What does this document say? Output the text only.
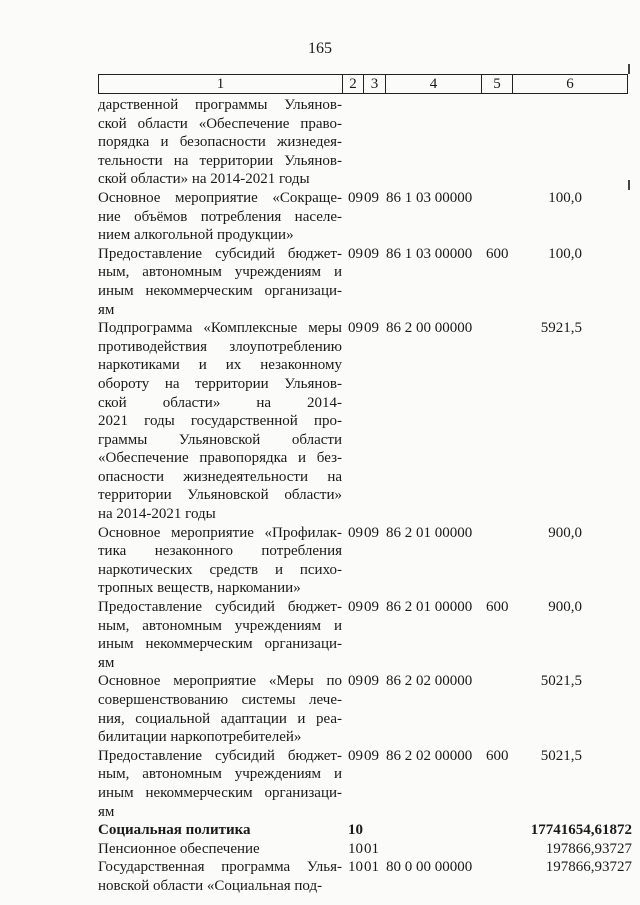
165
1	2 3	4	5	6
дарственной программы Ульянов-
ской области «Обеспечение право-
порядка и безопасности жизнедея-
тельности на территории Ульянов-
ской области» на 2014-2021 годы
Основное мероприятие «Сокраще-
ние объёмов потребления населе-
нием алкогольной продукции»
09 09 86 1 03 00000	100,0
Предоставление субсидий бюджет-
ным, автономным учреждениям и
иным некоммерческим организаци-
ям
09 09 86 1 03 00000 600	100,0
Подпрограмма «Комплексные меры
противодействия злоупотреблению
наркотиками и их незаконному
обороту на территории Ульянов-
ской области» на 2014-
2021 годы государственной про-
граммы Ульяновской области
«Обеспечение правопорядка и без-
опасности жизнедеятельности на
территории Ульяновской области»
на 2014-2021 годы
09 09 86 2 00 00000	5921,5
Основное мероприятие «Профилак-
тика незаконного потребления
наркотических средств и психо-
тропных веществ, наркомании»
09 09 86 2 01 00000	900,0
Предоставление субсидий бюджет-
ным, автономным учреждениям и
иным некоммерческим организаци-
ям
09 09 86 2 01 00000 600	900,0
Основное мероприятие «Меры по
совершенствованию системы лече-
ния, социальной адаптации и реа-
билитации наркопотребителей»
09 09 86 2 02 00000	5021,5
Предоставление субсидий бюджет-
ным, автономным учреждениям и
иным некоммерческим организаци-
ям
09 09 86 2 02 00000 600	5021,5
Социальная политика	10	17741654,61872
Пенсионное обеспечение	10 01	197866,93727
Государственная программа Улья-
новской области «Социальная под-
10 01 80 0 00 00000	197866,93727
